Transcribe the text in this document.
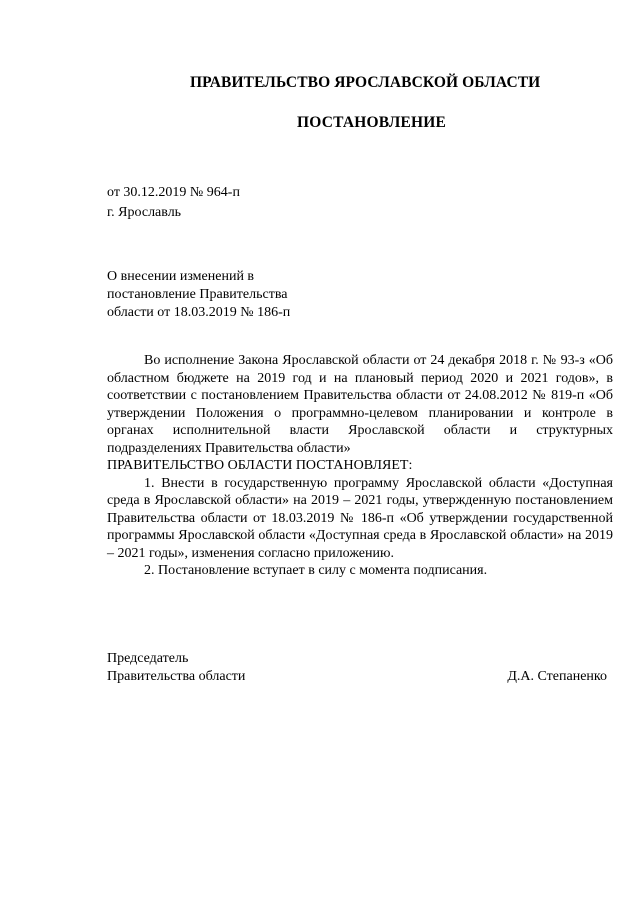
ПРАВИТЕЛЬСТВО ЯРОСЛАВСКОЙ ОБЛАСТИ
ПОСТАНОВЛЕНИЕ
от 30.12.2019 № 964-п
г. Ярославль
О внесении изменений в
постановление Правительства
области от 18.03.2019 № 186-п

Во исполнение Закона Ярославской области от 24 декабря 2018 г. № 93-з «Об областном бюджете на 2019 год и на плановый период 2020 и 2021 годов», в соответствии с постановлением Правительства области от 24.08.2012 № 819-п «Об утверждении Положения о программно-целевом планировании и контроле в органах исполнительной власти Ярославской области и структурных подразделениях Правительства области»

ПРАВИТЕЛЬСТВО ОБЛАСТИ ПОСТАНОВЛЯЕТ:

1. Внести в государственную программу Ярославской области «Доступная среда в Ярославской области» на 2019 – 2021 годы, утвержденную постановлением Правительства области от 18.03.2019 № 186-п «Об утверждении государственной программы Ярославской области «Доступная среда в Ярославской области» на 2019 – 2021 годы», изменения согласно приложению.

2. Постановление вступает в силу с момента подписания.

Председатель
Правительства области	Д.А. Степаненко
